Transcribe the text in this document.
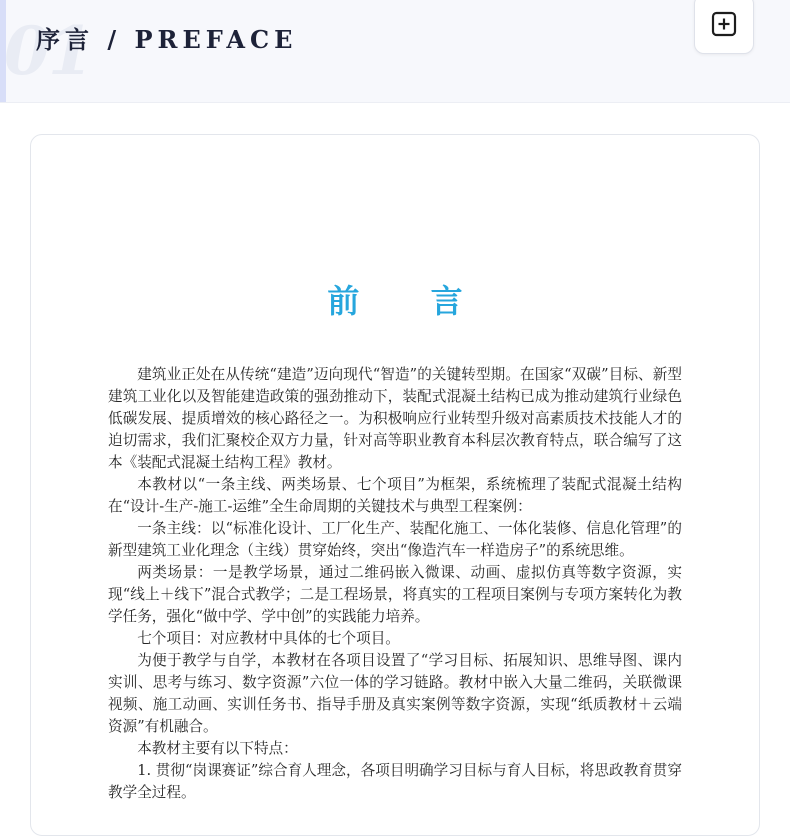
01
序言 / PREFACE
前 言

建筑业正处在从传统“建造”迈向现代“智造”的关键转型期。在国家“双碳”目标、新型建筑工业化以及智能建造政策的强劲推动下，装配式混凝土结构已成为推动建筑行业绿色低碳发展、提质增效的核心路径之一。为积极响应行业转型升级对高素质技术技能人才的迫切需求，我们汇聚校企双方力量，针对高等职业教育本科层次教育特点，联合编写了这本《装配式混凝土结构工程》教材。

本教材以“一条主线、两类场景、七个项目”为框架，系统梳理了装配式混凝土结构在“设计-生产-施工-运维”全生命周期的关键技术与典型工程案例：

一条主线：以“标准化设计、工厂化生产、装配化施工、一体化装修、信息化管理”的新型建筑工业化理念（主线）贯穿始终，突出“像造汽车一样造房子”的系统思维。

两类场景：一是教学场景，通过二维码嵌入微课、动画、虚拟仿真等数字资源，实现“线上＋线下”混合式教学；二是工程场景，将真实的工程项目案例与专项方案转化为教学任务，强化“做中学、学中创”的实践能力培养。

七个项目：对应教材中具体的七个项目。

为便于教学与自学，本教材在各项目设置了“学习目标、拓展知识、思维导图、课内实训、思考与练习、数字资源”六位一体的学习链路。教材中嵌入大量二维码，关联微课视频、施工动画、实训任务书、指导手册及真实案例等数字资源，实现“纸质教材＋云端资源”有机融合。

本教材主要有以下特点：

1. 贯彻“岗课赛证”综合育人理念，各项目明确学习目标与育人目标，将思政教育贯穿教学全过程。
